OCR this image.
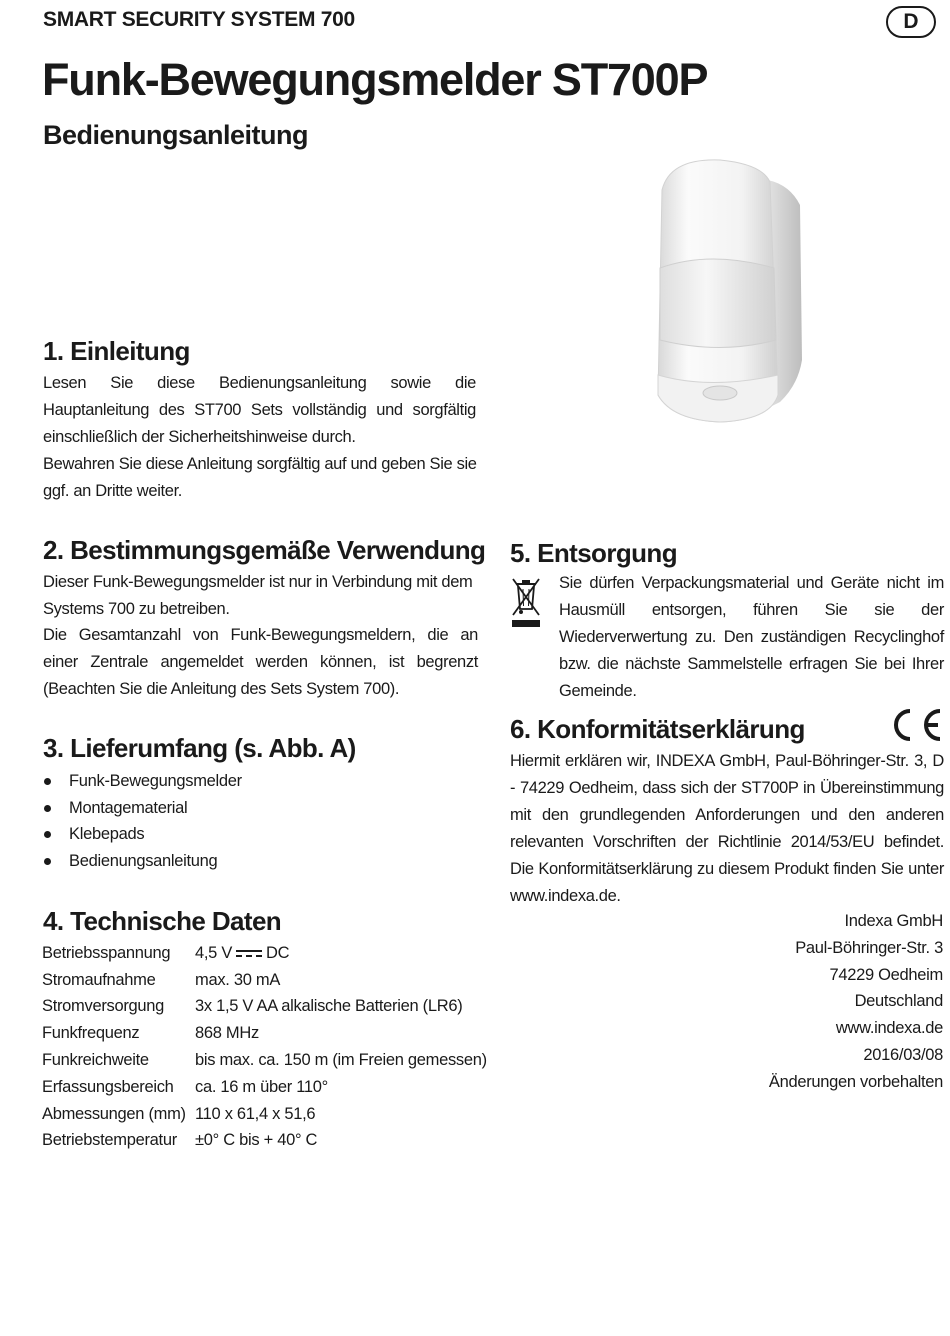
SMART SECURITY SYSTEM 700	D
Funk-Bewegungsmelder ST700P
Bedienungsanleitung
1. Einleitung

Lesen Sie diese Bedienungsanleitung sowie die Hauptanleitung des ST700 Sets vollständig und sorgfältig einschließlich der Sicherheitshinweise durch.

Bewahren Sie diese Anleitung sorgfältig auf und geben Sie sie ggf. an Dritte weiter.

2. Bestimmungsgemäße Verwendung

Dieser Funk-Bewegungsmelder ist nur in Verbindung mit dem Systems 700 zu betreiben.

Die Gesamtanzahl von Funk-Bewegungsmeldern, die an einer Zentrale angemeldet werden können, ist begrenzt (Beachten Sie die Anleitung des Sets System 700).

3. Lieferumfang (s. Abb. A)
Funk-Bewegungsmelder
Montagematerial
Klebepads
Bedienungsanleitung
4. Technische Daten
Betriebsspannung	4,5 V DC
Stromaufnahme	max. 30 mA
Stromversorgung	3x 1,5 V AA alkalische Batterien (LR6)
Funkfrequenz	868 MHz
Funkreichweite	bis max. ca. 150 m (im Freien gemessen)
Erfassungsbereich	ca. 16 m über 110°
Abmessungen (mm)	110 x 61,4 x 51,6
Betriebstemperatur	±0° C bis + 40° C
5. Entsorgung

Sie dürfen Verpackungsmaterial und Geräte nicht im Hausmüll entsorgen, führen Sie sie der Wiederverwertung zu. Den zuständigen Recyclinghof bzw. die nächste Sammelstelle erfragen Sie bei Ihrer Gemeinde.

6. Konformitätserklärung

Hiermit erklären wir, INDEXA GmbH, Paul-Böhringer-Str. 3, D - 74229 Oedheim, dass sich der ST700P in Übereinstimmung mit den grundlegenden Anforderungen und den anderen relevanten Vorschriften der Richtlinie 2014/53/EU befindet. Die Konformitätserklärung zu diesem Produkt finden Sie unter www.indexa.de.

Indexa GmbH
Paul-Böhringer-Str. 3
74229 Oedheim
Deutschland
www.indexa.de
2016/03/08
Änderungen vorbehalten
